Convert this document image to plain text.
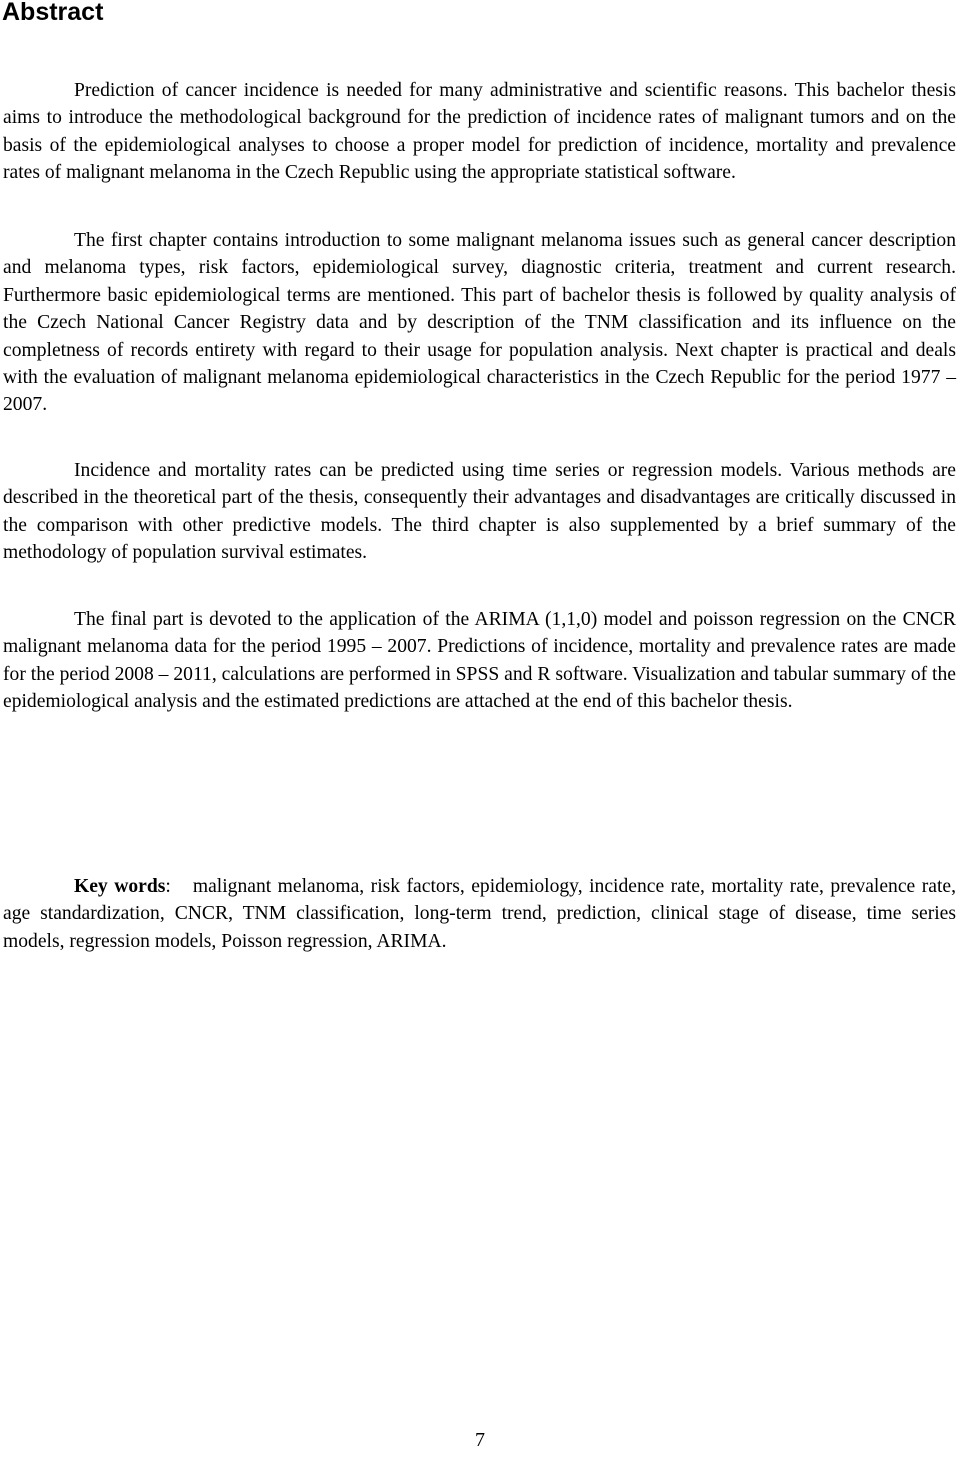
Abstract

Prediction of cancer incidence is needed for many administrative and scientific reasons. This bachelor thesis aims to introduce the methodological background for the prediction of incidence rates of malignant tumors and on the basis of the epidemiological analyses to choose a proper model for prediction of incidence, mortality and prevalence rates of malignant melanoma in the Czech Republic using the appropriate statistical software.

The first chapter contains introduction to some malignant melanoma issues such as general cancer description and melanoma types, risk factors, epidemiological survey, diagnostic criteria, treatment and current research. Furthermore basic epidemiological terms are mentioned. This part of bachelor thesis is followed by quality analysis of the Czech National Cancer Registry data and by description of the TNM classification and its influence on the completness of records entirety with regard to their usage for population analysis. Next chapter is practical and deals with the evaluation of malignant melanoma epidemiological characteristics in the Czech Republic for the period 1977 – 2007.

Incidence and mortality rates can be predicted using time series or regression models. Various methods are described in the theoretical part of the thesis, consequently their advantages and disadvantages are critically discussed in the comparison with other predictive models. The third chapter is also supplemented by a brief summary of the methodology of population survival estimates.

The final part is devoted to the application of the ARIMA (1,1,0) model and poisson regression on the CNCR malignant melanoma data for the period 1995 – 2007. Predictions of incidence, mortality and prevalence rates are made for the period 2008 – 2011, calculations are performed in SPSS and R software. Visualization and tabular summary of the epidemiological analysis and the estimated predictions are attached at the end of this bachelor thesis.

Key words: malignant melanoma, risk factors, epidemiology, incidence rate, mortality rate, prevalence rate, age standardization, CNCR, TNM classification, long-term trend, prediction, clinical stage of disease, time series models, regression models, Poisson regression, ARIMA.

7
